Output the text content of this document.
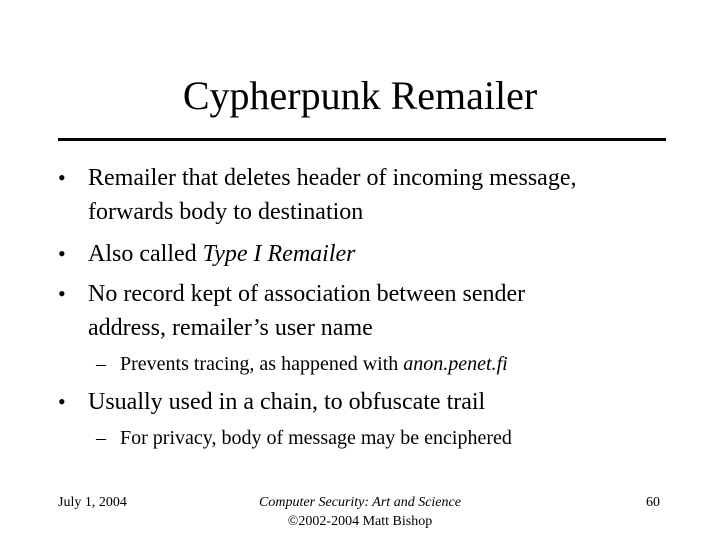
Cypherpunk Remailer
• Remailer that deletes header of incoming message,
forwards body to destination
• Also called Type I Remailer
• No record kept of association between sender
address, remailer’s user name
– Prevents tracing, as happened with anon.penet.fi
• Usually used in a chain, to obfuscate trail
– For privacy, body of message may be enciphered
July 1, 2004	Computer Security: Art and Science
©2002-2004 Matt Bishop
60
